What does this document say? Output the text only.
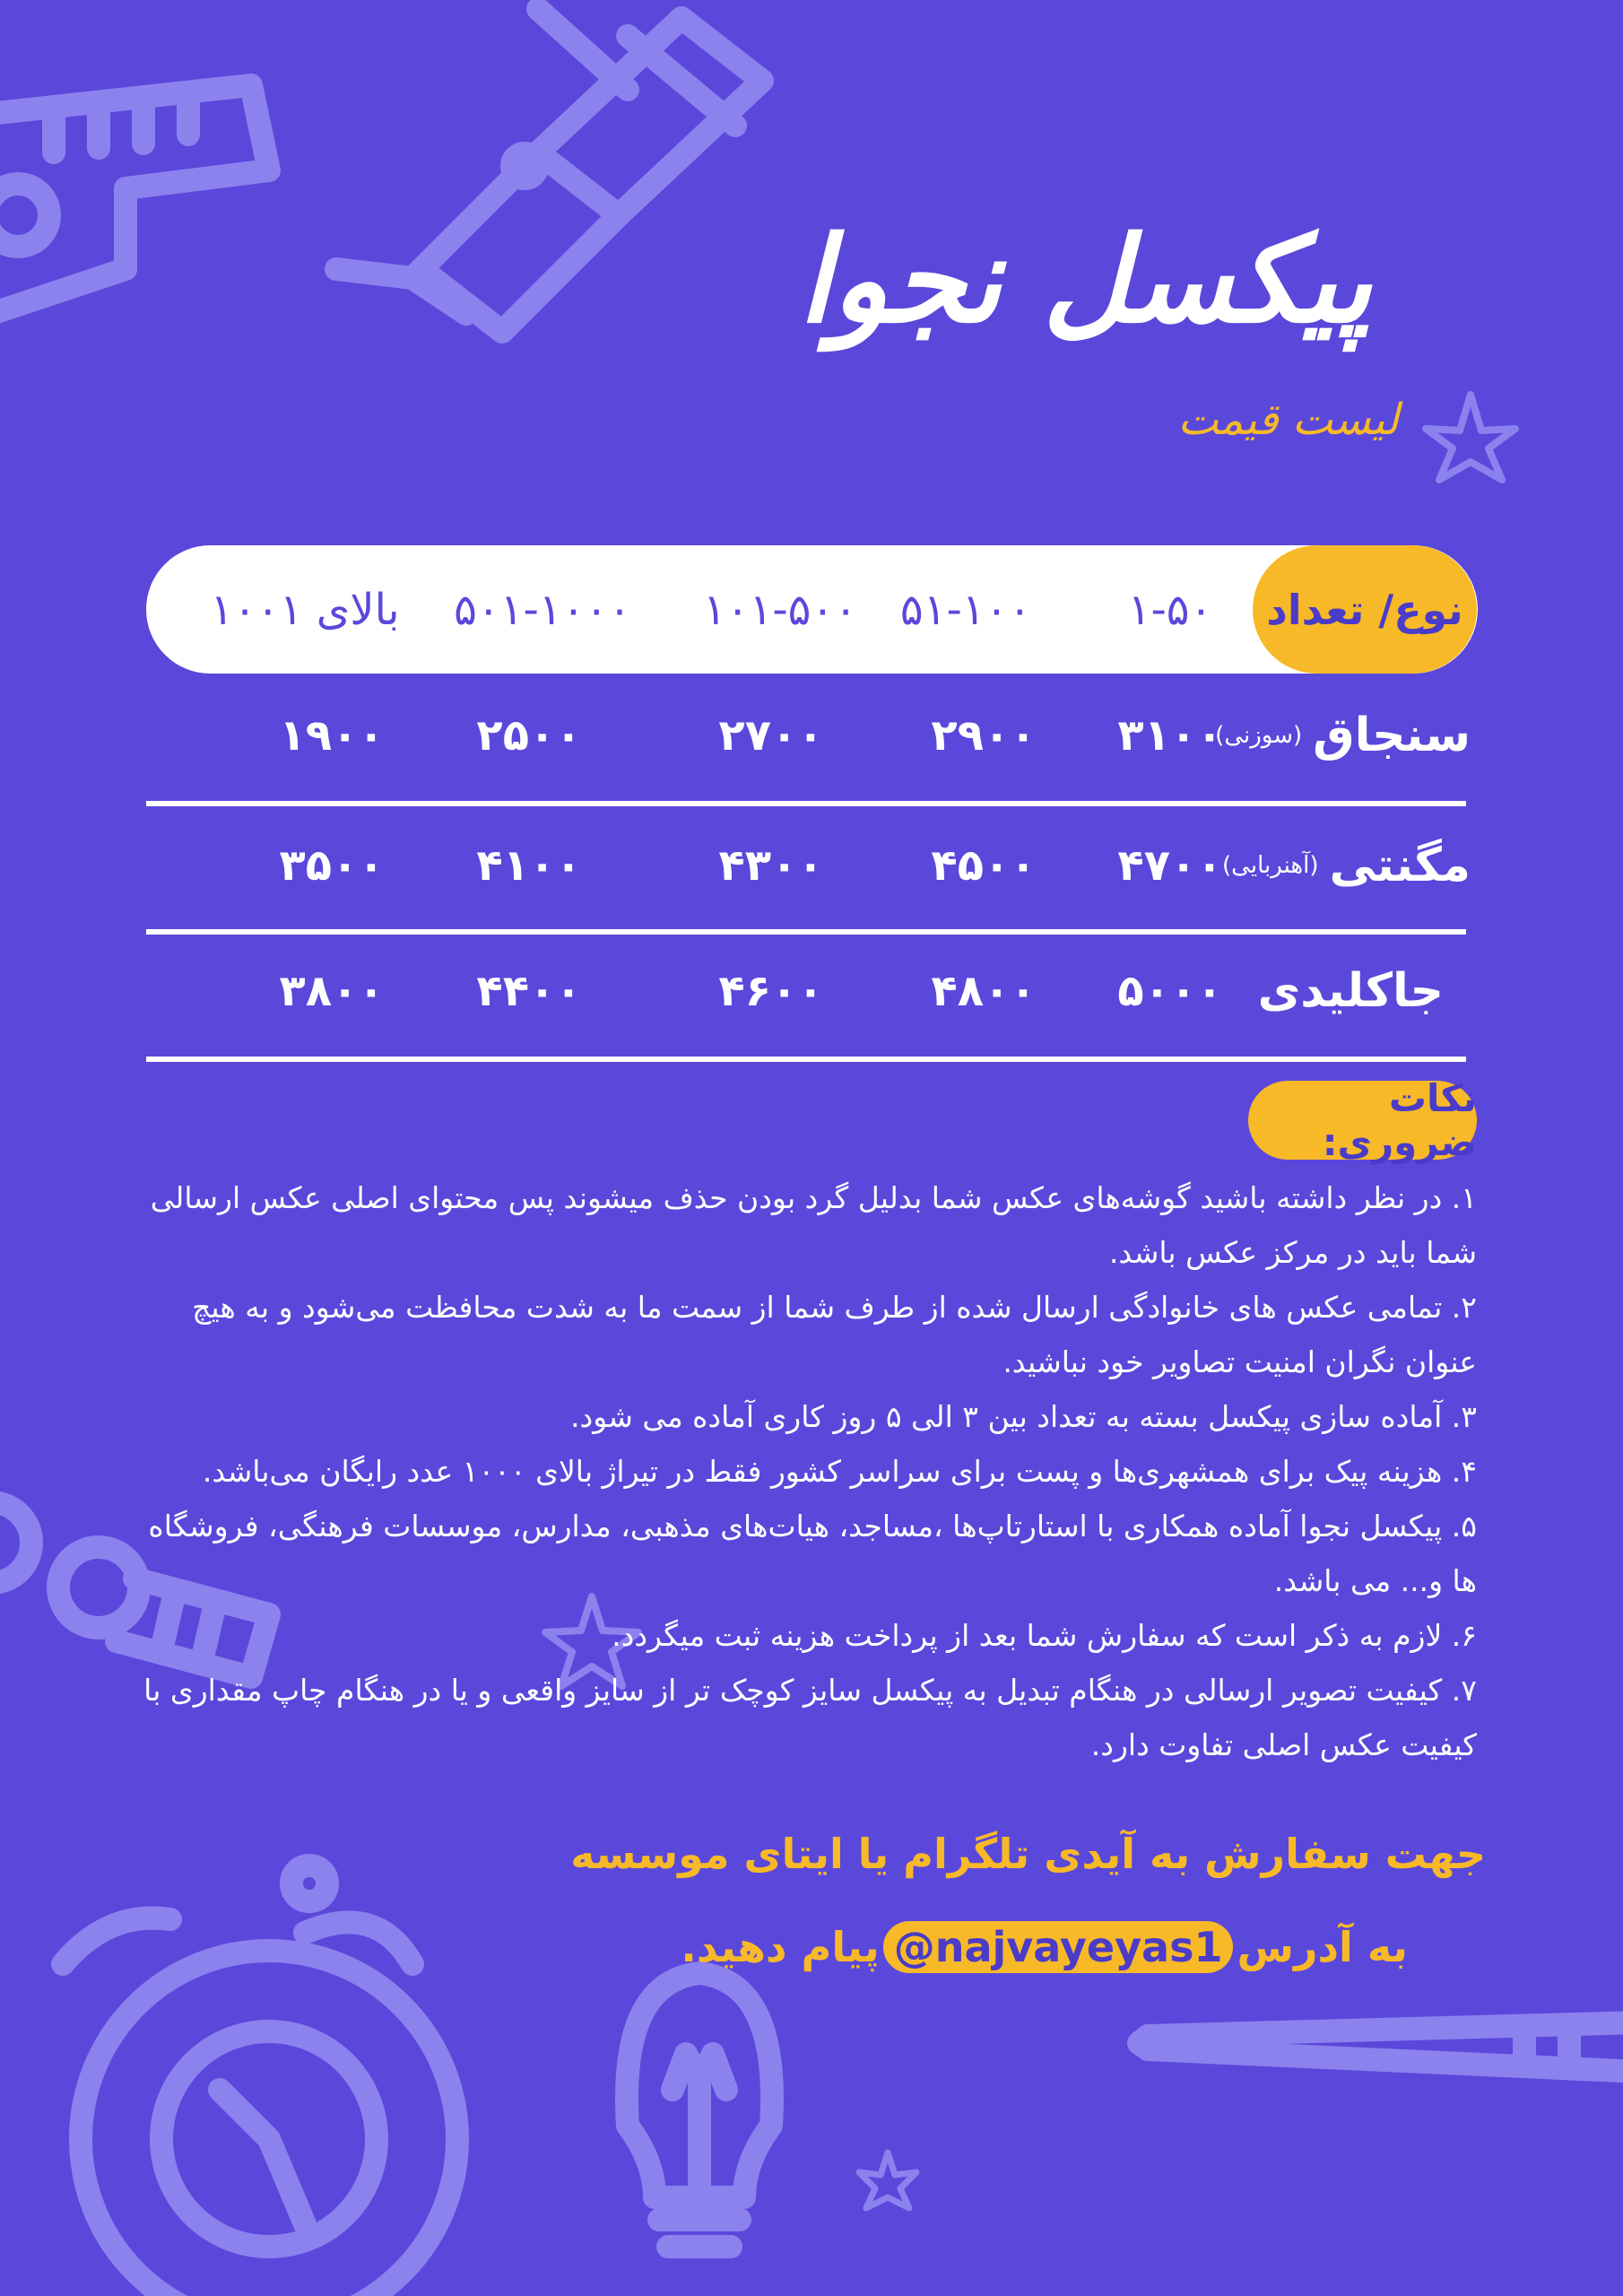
پیکسل نجوا
لیست قیمت
نوع/ تعداد
۱-۵۰
۵۱-۱۰۰
۱۰۱-۵۰۰
۵۰۱-۱۰۰۰
بالای ۱۰۰۱
سنجاق
(سوزنی)
۳۱۰۰
۲۹۰۰
۲۷۰۰
۲۵۰۰
۱۹۰۰
مگنتی
(آهنربایی)
۴۷۰۰
۴۵۰۰
۴۳۰۰
۴۱۰۰
۳۵۰۰
جاکلیدی
۵۰۰۰
۴۸۰۰
۴۶۰۰
۴۴۰۰
۳۸۰۰
نکات ضروری:

۱. در نظر داشته باشید گوشه‌های عکس شما بدلیل گرد بودن حذف میشوند پس محتوای اصلی عکس ارسالی شما باید در مرکز عکس باشد.

۲. تمامی عکس های خانوادگی ارسال شده از طرف شما از سمت ما به شدت محافظت می‌شود و به هیچ عنوان نگران امنیت تصاویر خود نباشید.

۳. آماده سازی پیکسل بسته به تعداد بین ۳ الی ۵ روز کاری آماده می شود.

۴. هزینه پیک برای همشهری‌ها و پست برای سراسر کشور فقط در تیراژ بالای ۱۰۰۰ عدد رایگان می‌باشد.

۵. پیکسل نجوا آماده همکاری با استارتاپ‌ها ،مساجد، هیات‌های مذهبی، مدارس، موسسات فرهنگی، فروشگاه ها و... می باشد.

۶. لازم به ذکر است که سفارش شما بعد از پرداخت هزینه ثبت میگردد.

۷. کیفیت تصویر ارسالی در هنگام تبدیل به پیکسل سایز کوچک تر از سایز واقعی و یا در هنگام چاپ مقداری با کیفیت عکس اصلی تفاوت دارد.

جهت سفارش به آیدی تلگرام یا ایتای موسسه
به آدرس
@najvayeyas1
پیام دهید.
